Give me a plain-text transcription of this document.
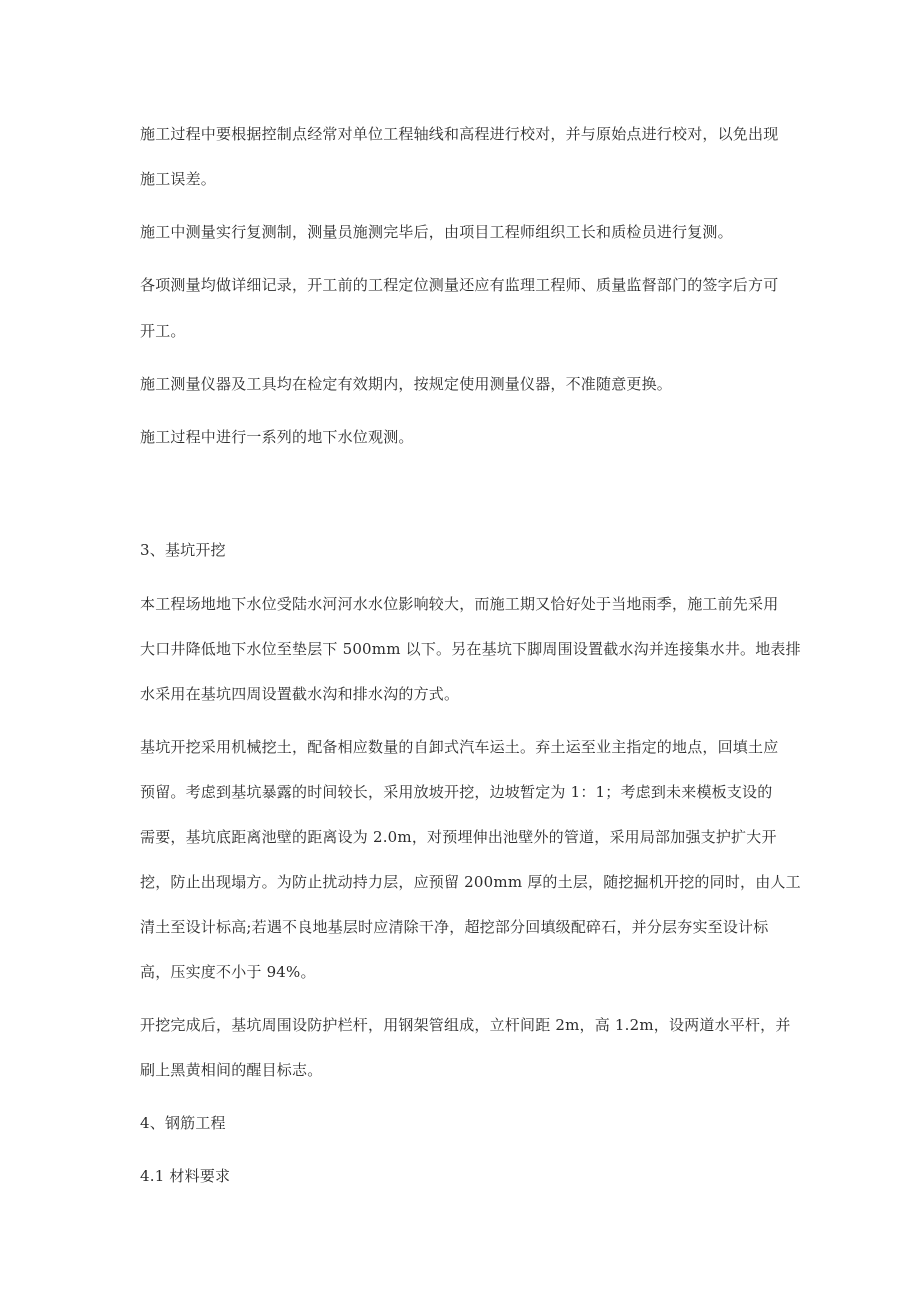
施工过程中要根据控制点经常对单位工程轴线和高程进行校对，并与原始点进行校对，以免出现
施工误差。
施工中测量实行复测制，测量员施测完毕后，由项目工程师组织工长和质检员进行复测。
各项测量均做详细记录，开工前的工程定位测量还应有监理工程师、质量监督部门的签字后方可
开工。
施工测量仪器及工具均在检定有效期内，按规定使用测量仪器，不准随意更换。
施工过程中进行一系列的地下水位观测。
3、基坑开挖
本工程场地地下水位受陆水河河水水位影响较大，而施工期又恰好处于当地雨季，施工前先采用
大口井降低地下水位至垫层下 500mm 以下。另在基坑下脚周围设置截水沟并连接集水井。地表排
水采用在基坑四周设置截水沟和排水沟的方式。
基坑开挖采用机械挖土，配备相应数量的自卸式汽车运土。弃土运至业主指定的地点，回填土应
预留。考虑到基坑暴露的时间较长，采用放坡开挖，边坡暂定为 1：1；考虑到未来模板支设的
需要，基坑底距离池壁的距离设为 2.0m，对预埋伸出池壁外的管道，采用局部加强支护扩大开
挖，防止出现塌方。为防止扰动持力层，应预留 200mm 厚的土层，随挖掘机开挖的同时，由人工
清土至设计标高;若遇不良地基层时应清除干净，超挖部分回填级配碎石，并分层夯实至设计标
高，压实度不小于 94%。
开挖完成后，基坑周围设防护栏杆，用钢架管组成，立杆间距 2m，高 1.2m，设两道水平杆，并
刷上黑黄相间的醒目标志。
4、钢筋工程
4.1 材料要求
